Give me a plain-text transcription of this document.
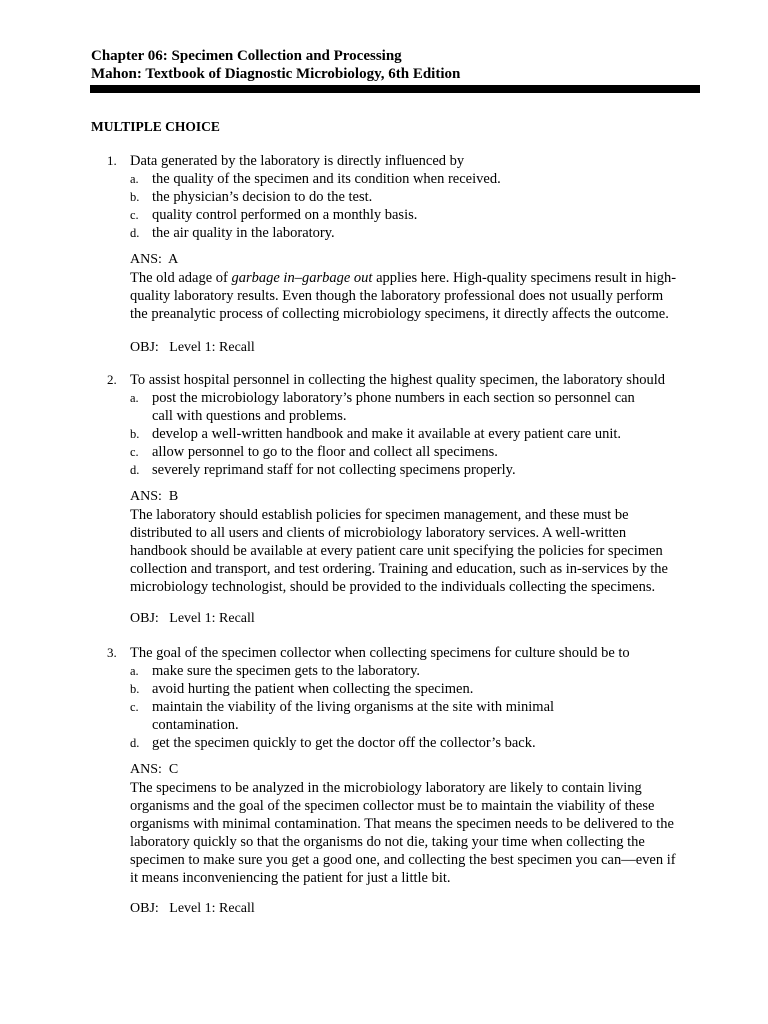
Chapter 06: Specimen Collection and Processing
Mahon: Textbook of Diagnostic Microbiology, 6th Edition
MULTIPLE CHOICE
1. Data generated by the laboratory is directly influenced by
a. the quality of the specimen and its condition when received.
b. the physician’s decision to do the test.
c. quality control performed on a monthly basis.
d. the air quality in the laboratory.
ANS:  A
The old adage of garbage in–garbage out applies here. High-quality specimens result in high-
quality laboratory results. Even though the laboratory professional does not usually perform
the preanalytic process of collecting microbiology specimens, it directly affects the outcome.
OBJ:   Level 1: Recall
2. To assist hospital personnel in collecting the highest quality specimen, the laboratory should
a. post the microbiology laboratory’s phone numbers in each section so personnel can
call with questions and problems.
b. develop a well-written handbook and make it available at every patient care unit.
c. allow personnel to go to the floor and collect all specimens.
d. severely reprimand staff for not collecting specimens properly.
ANS:  B
The laboratory should establish policies for specimen management, and these must be
distributed to all users and clients of microbiology laboratory services. A well-written
handbook should be available at every patient care unit specifying the policies for specimen
collection and transport, and test ordering. Training and education, such as in-services by the
microbiology technologist, should be provided to the individuals collecting the specimens.
OBJ:   Level 1: Recall
3. The goal of the specimen collector when collecting specimens for culture should be to
a. make sure the specimen gets to the laboratory.
b. avoid hurting the patient when collecting the specimen.
c. maintain the viability of the living organisms at the site with minimal
contamination.
d. get the specimen quickly to get the doctor off the collector’s back.
ANS:  C
The specimens to be analyzed in the microbiology laboratory are likely to contain living
organisms and the goal of the specimen collector must be to maintain the viability of these
organisms with minimal contamination. That means the specimen needs to be delivered to the
laboratory quickly so that the organisms do not die, taking your time when collecting the
specimen to make sure you get a good one, and collecting the best specimen you can—even if
it means inconveniencing the patient for just a little bit.
OBJ:   Level 1: Recall
